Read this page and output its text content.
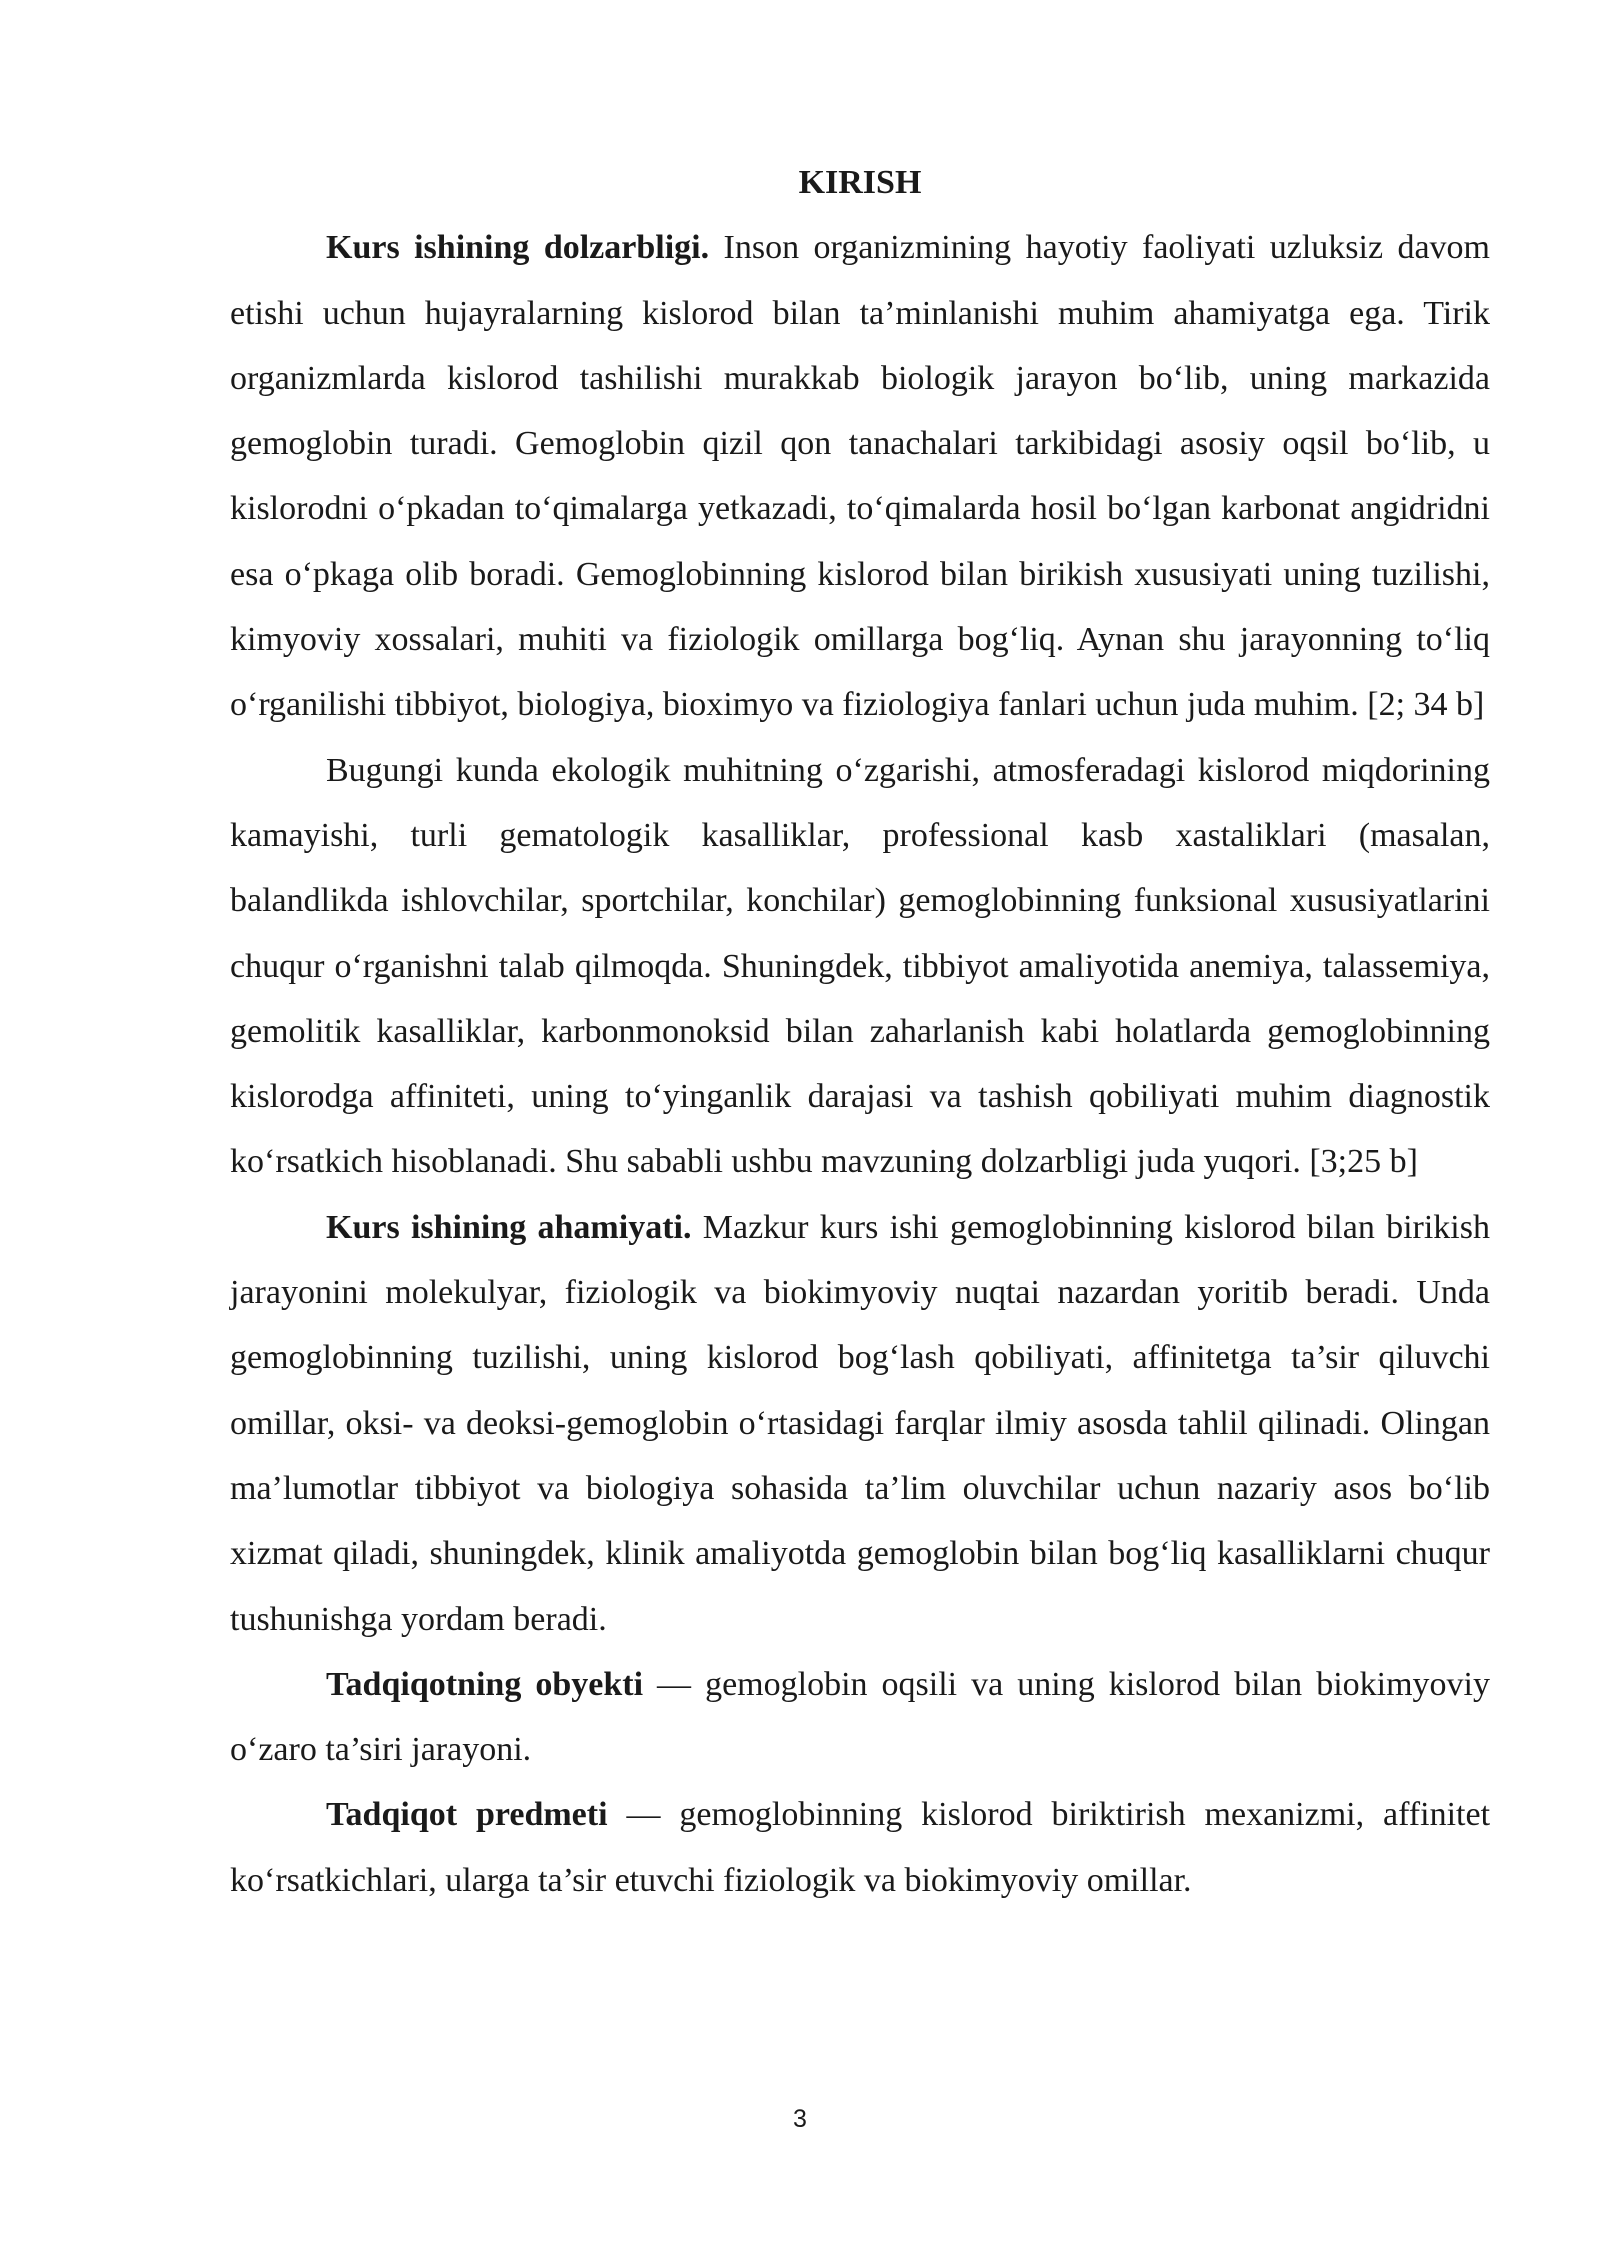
KIRISH

Kurs ishining dolzarbligi. Inson organizmining hayotiy faoliyati uzluksiz davom etishi uchun hujayralarning kislorod bilan ta’minlanishi muhim ahamiyatga ega. Tirik organizmlarda kislorod tashilishi murakkab biologik jarayon bo‘lib, uning markazida gemoglobin turadi. Gemoglobin qizil qon tanachalari tarkibidagi asosiy oqsil bo‘lib, u kislorodni o‘pkadan to‘qimalarga yetkazadi, to‘qimalarda hosil bo‘lgan karbonat angidridni esa o‘pkaga olib boradi. Gemoglobinning kislorod bilan birikish xususiyati uning tuzilishi, kimyoviy xossalari, muhiti va fiziologik omillarga bog‘liq. Aynan shu jarayonning to‘liq o‘rganilishi tibbiyot, biologiya, bioximyo va fiziologiya fanlari uchun juda muhim. [2; 34 b]

Bugungi kunda ekologik muhitning o‘zgarishi, atmosferadagi kislorod miqdorining kamayishi, turli gematologik kasalliklar, professional kasb xastaliklari (masalan, balandlikda ishlovchilar, sportchilar, konchilar) gemoglobinning funksional xususiyatlarini chuqur o‘rganishni talab qilmoqda. Shuningdek, tibbiyot amaliyotida anemiya, talassemiya, gemolitik kasalliklar, karbonmonoksid bilan zaharlanish kabi holatlarda gemoglobinning kislorodga affiniteti, uning to‘yinganlik darajasi va tashish qobiliyati muhim diagnostik ko‘rsatkich hisoblanadi. Shu sababli ushbu mavzuning dolzarbligi juda yuqori. [3;25 b]

Kurs ishining ahamiyati. Mazkur kurs ishi gemoglobinning kislorod bilan birikish jarayonini molekulyar, fiziologik va biokimyoviy nuqtai nazardan yoritib beradi. Unda gemoglobinning tuzilishi, uning kislorod bog‘lash qobiliyati, affinitetga ta’sir qiluvchi omillar, oksi- va deoksi-gemoglobin o‘rtasidagi farqlar ilmiy asosda tahlil qilinadi. Olingan ma’lumotlar tibbiyot va biologiya sohasida ta’lim oluvchilar uchun nazariy asos bo‘lib xizmat qiladi, shuningdek, klinik amaliyotda gemoglobin bilan bog‘liq kasalliklarni chuqur tushunishga yordam beradi.

Tadqiqotning obyekti — gemoglobin oqsili va uning kislorod bilan biokimyoviy o‘zaro ta’siri jarayoni.

Tadqiqot predmeti — gemoglobinning kislorod biriktirish mexanizmi, affinitet ko‘rsatkichlari, ularga ta’sir etuvchi fiziologik va biokimyoviy omillar.

3
